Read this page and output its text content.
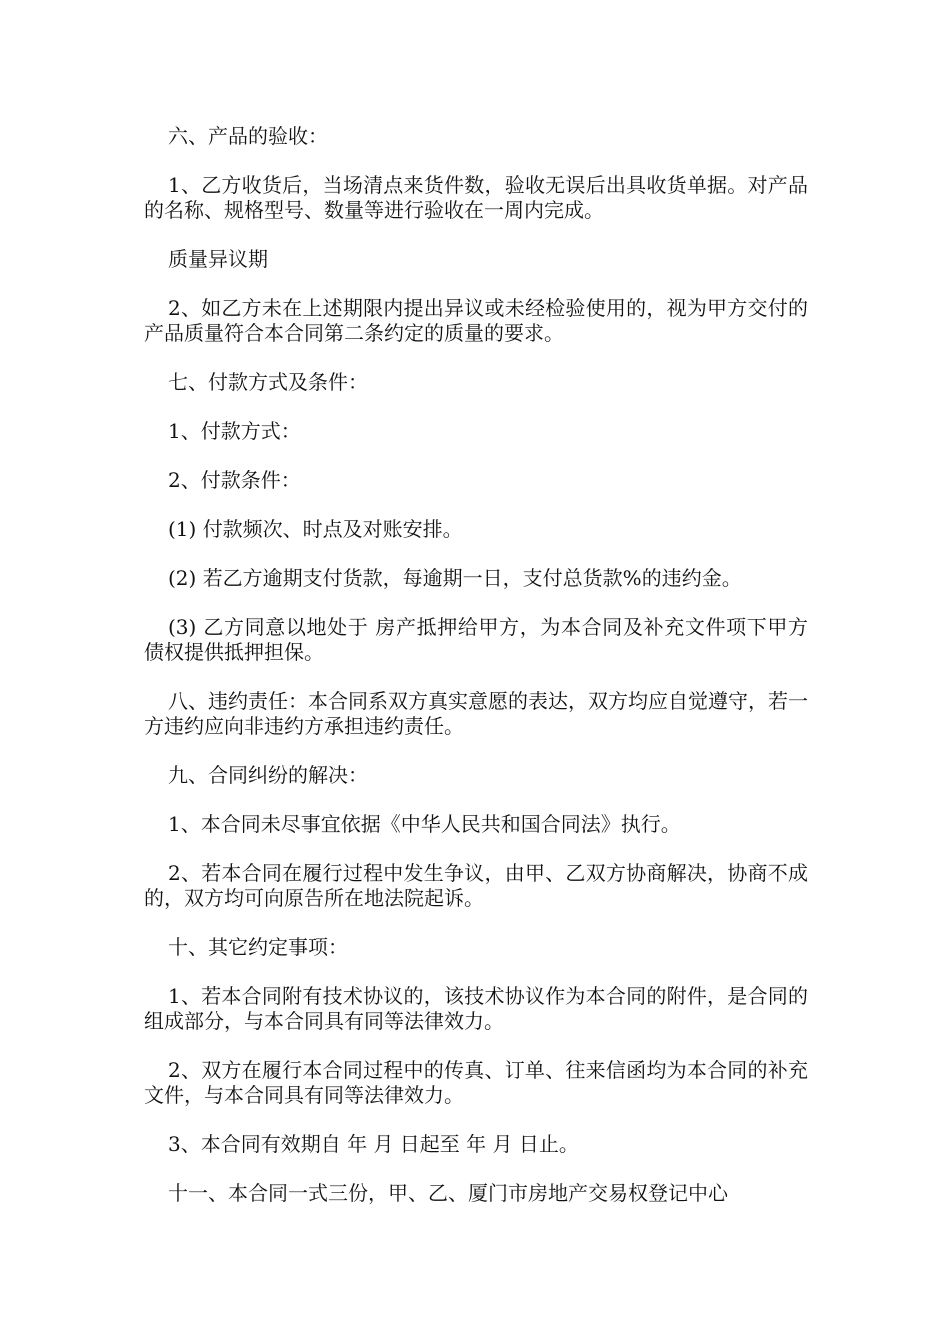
六、产品的验收：

1、乙方收货后，当场清点来货件数，验收无误后出具收货单据。对产品的名称、规格型号、数量等进行验收在一周内完成。

质量异议期

2、如乙方未在上述期限内提出异议或未经检验使用的，视为甲方交付的产品质量符合本合同第二条约定的质量的要求。

七、付款方式及条件：

1、付款方式：

2、付款条件：

(1) 付款频次、时点及对账安排。

(2) 若乙方逾期支付货款，每逾期一日，支付总货款%的违约金。

(3) 乙方同意以地处于 房产抵押给甲方，为本合同及补充文件项下甲方债权提供抵押担保。

八、违约责任：本合同系双方真实意愿的表达，双方均应自觉遵守，若一方违约应向非违约方承担违约责任。

九、合同纠纷的解决：

1、本合同未尽事宜依据《中华人民共和国合同法》执行。

2、若本合同在履行过程中发生争议，由甲、乙双方协商解决，协商不成的，双方均可向原告所在地法院起诉。

十、其它约定事项：

1、若本合同附有技术协议的，该技术协议作为本合同的附件，是合同的组成部分，与本合同具有同等法律效力。

2、双方在履行本合同过程中的传真、订单、往来信函均为本合同的补充文件，与本合同具有同等法律效力。

3、本合同有效期自 年 月 日起至 年 月 日止。

十一、本合同一式三份，甲、乙、厦门市房地产交易权登记中心
